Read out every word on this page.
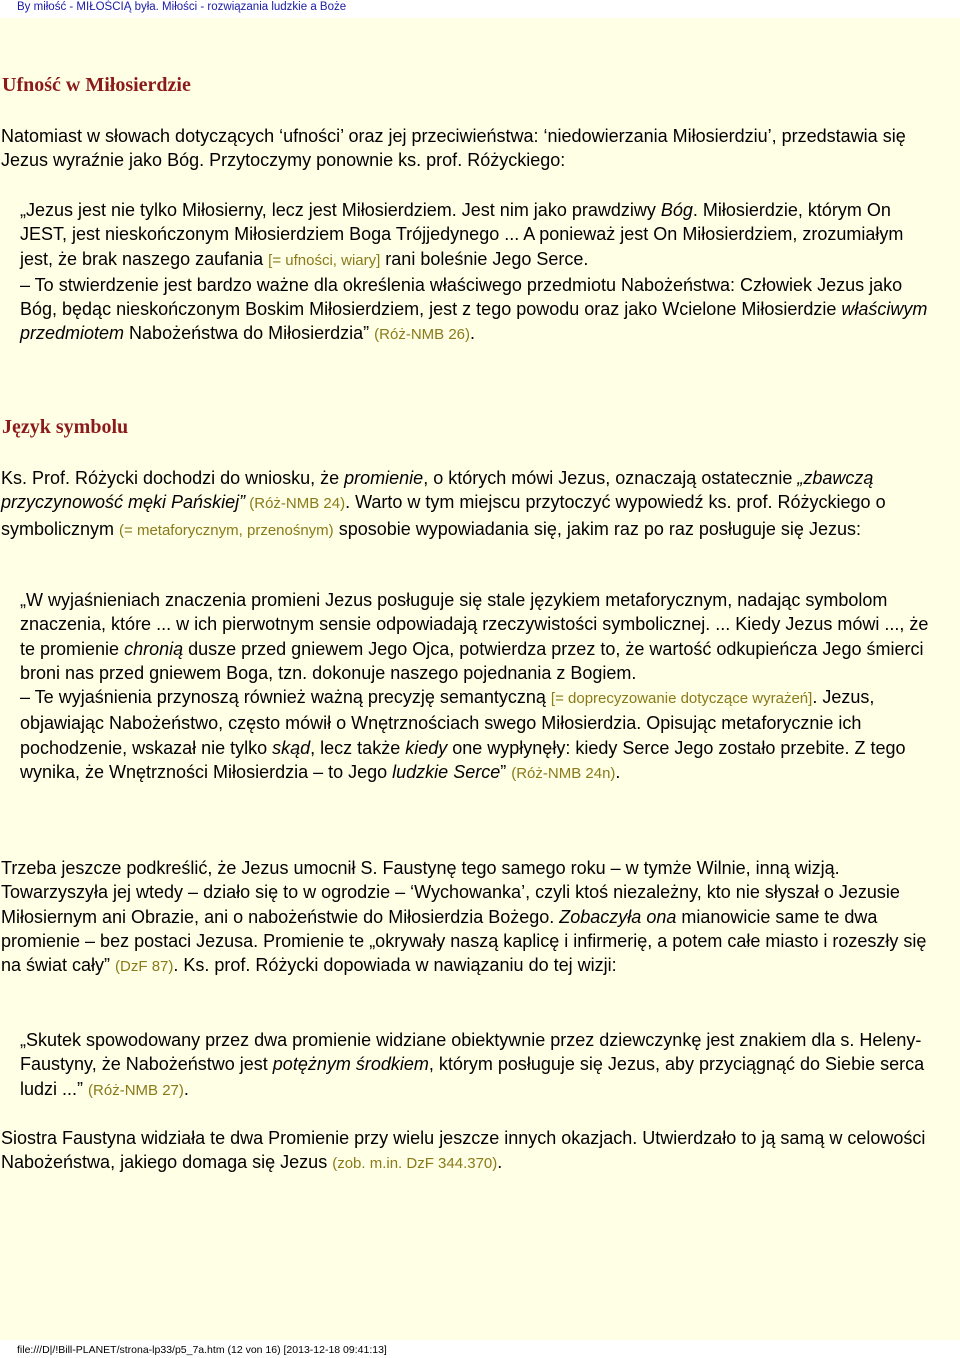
By miłość - MIŁOŚCIĄ była. Miłości - rozwiązania ludzkie a Boże
Ufność w Miłosierdzie

Natomiast w słowach dotyczących ‘ufności’ oraz jej przeciwieństwa: ‘niedowierzania Miłosierdziu’, przedstawia się Jezus wyraźnie jako Bóg. Przytoczymy ponownie ks. prof. Różyckiego:

„Jezus jest nie tylko Miłosierny, lecz jest Miłosierdziem. Jest nim jako prawdziwy Bóg. Miłosierdzie, którym On JEST, jest nieskończonym Miłosierdziem Boga Trójjedynego ... A ponieważ jest On Miłosierdziem, zrozumiałym jest, że brak naszego zaufania [= ufności, wiary] rani boleśnie Jego Serce.
– To stwierdzenie jest bardzo ważne dla określenia właściwego przedmiotu Nabożeństwa: Człowiek Jezus jako Bóg, będąc nieskończonym Boskim Miłosierdziem, jest z tego powodu oraz jako Wcielone Miłosierdzie właściwym przedmiotem Nabożeństwa do Miłosierdzia” (Róż-NMB 26).

Język symbolu

Ks. Prof. Różycki dochodzi do wniosku, że promienie, o których mówi Jezus, oznaczają ostatecznie „zbawczą przyczynowość męki Pańskiej” (Róż-NMB 24). Warto w tym miejscu przytoczyć wypowiedź ks. prof. Różyckiego o symbolicznym (= metaforycznym, przenośnym) sposobie wypowiadania się, jakim raz po raz posługuje się Jezus:

„W wyjaśnieniach znaczenia promieni Jezus posługuje się stale językiem metaforycznym, nadając symbolom znaczenia, które ... w ich pierwotnym sensie odpowiadają rzeczywistości symbolicznej. ... Kiedy Jezus mówi ..., że te promienie chronią dusze przed gniewem Jego Ojca, potwierdza przez to, że wartość odkupieńcza Jego śmierci broni nas przed gniewem Boga, tzn. dokonuje naszego pojednania z Bogiem.
– Te wyjaśnienia przynoszą również ważną precyzję semantyczną [= doprecyzowanie dotyczące wyrażeń]. Jezus, objawiając Nabożeństwo, często mówił o Wnętrznościach swego Miłosierdzia. Opisując metaforycznie ich pochodzenie, wskazał nie tylko skąd, lecz także kiedy one wypłynęły: kiedy Serce Jego zostało przebite. Z tego wynika, że Wnętrzności Miłosierdzia – to Jego ludzkie Serce” (Róż-NMB 24n).

Trzeba jeszcze podkreślić, że Jezus umocnił S. Faustynę tego samego roku – w tymże Wilnie, inną wizją. Towarzyszyła jej wtedy – działo się to w ogrodzie – ‘Wychowanka’, czyli ktoś niezależny, kto nie słyszał o Jezusie Miłosiernym ani Obrazie, ani o nabożeństwie do Miłosierdzia Bożego. Zobaczyła ona mianowicie same te dwa promienie – bez postaci Jezusa. Promienie te „okrywały naszą kaplicę i infirmerię, a potem całe miasto i rozeszły się na świat cały” (DzF 87). Ks. prof. Różycki dopowiada w nawiązaniu do tej wizji:

„Skutek spowodowany przez dwa promienie widziane obiektywnie przez dziewczynkę jest znakiem dla s. Heleny-Faustyny, że Nabożeństwo jest potężnym środkiem, którym posługuje się Jezus, aby przyciągnąć do Siebie serca ludzi ...” (Róż-NMB 27).

Siostra Faustyna widziała te dwa Promienie przy wielu jeszcze innych okazjach. Utwierdzało to ją samą w celowości Nabożeństwa, jakiego domaga się Jezus (zob. m.in. DzF 344.370).

file:///D|/!Bill-PLANET/strona-lp33/p5_7a.htm (12 von 16) [2013-12-18 09:41:13]
